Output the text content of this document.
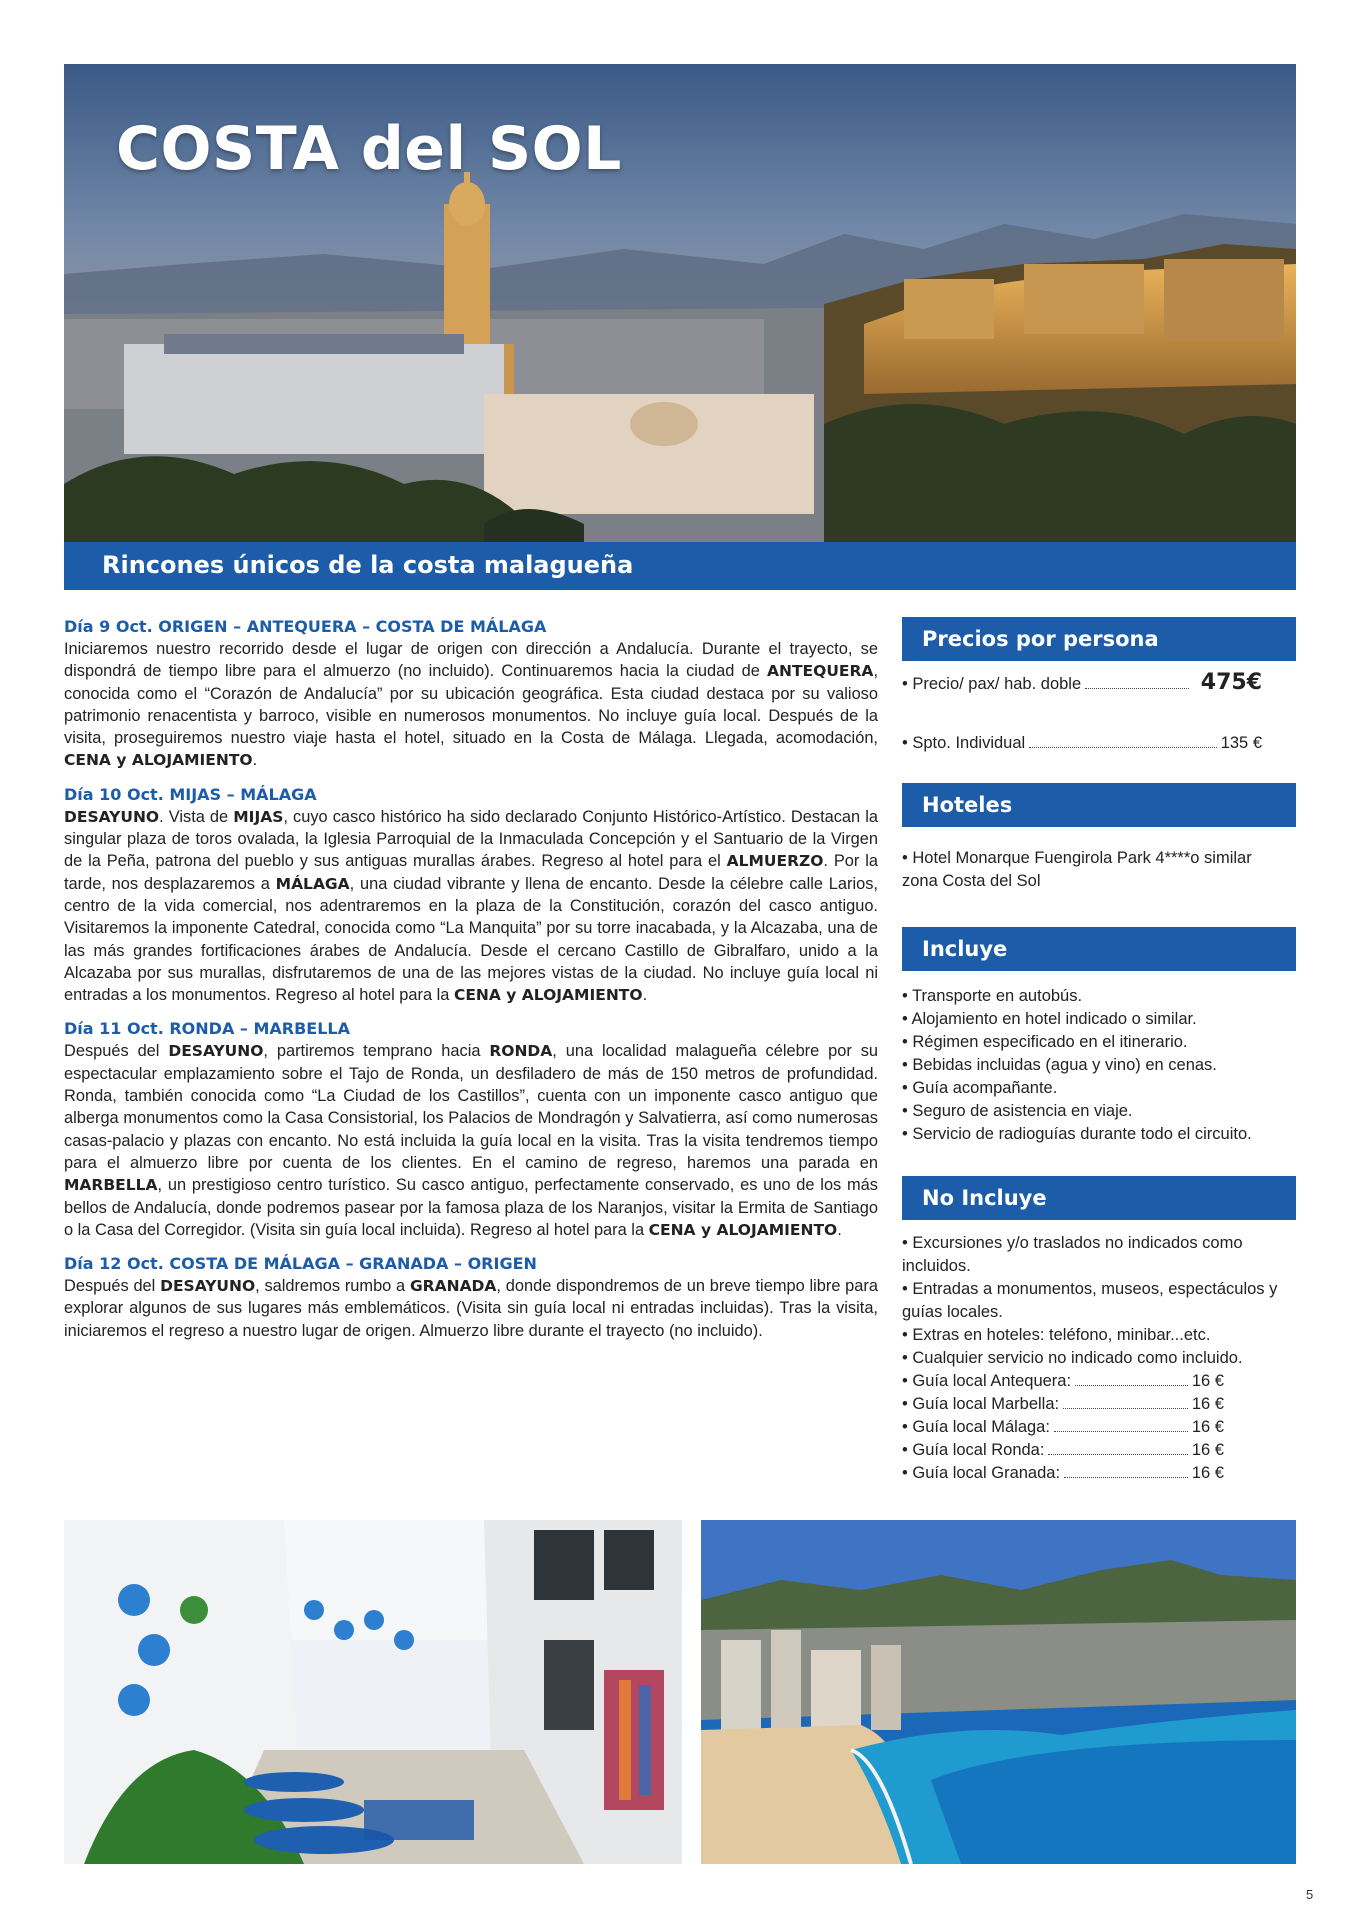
COSTA del SOL
Rincones únicos de la costa malagueña
Día 9 Oct. ORIGEN – ANTEQUERA – COSTA DE MÁLAGA

Iniciaremos nuestro recorrido desde el lugar de origen con dirección a Andalucía. Durante el trayecto, se dispondrá de tiempo libre para el almuerzo (no incluido). Continuaremos hacia la ciudad de ANTEQUERA, conocida como el “Corazón de Andalucía” por su ubicación geográfica. Esta ciudad destaca por su valioso patrimonio renacentista y barroco, visible en numerosos monumentos. No incluye guía local. Después de la visita, proseguiremos nuestro viaje hasta el hotel, situado en la Costa de Málaga. Llegada, acomodación, CENA y ALOJAMIENTO.

Día 10 Oct. MIJAS – MÁLAGA

DESAYUNO. Vista de MIJAS, cuyo casco histórico ha sido declarado Conjunto Histórico-Artístico. Destacan la singular plaza de toros ovalada, la Iglesia Parroquial de la Inmaculada Concepción y el Santuario de la Virgen de la Peña, patrona del pueblo y sus antiguas murallas árabes. Regreso al hotel para el ALMUERZO. Por la tarde, nos desplazaremos a MÁLAGA, una ciudad vibrante y llena de encanto. Desde la célebre calle Larios, centro de la vida comercial, nos adentraremos en la plaza de la Constitución, corazón del casco antiguo. Visitaremos la imponente Catedral, conocida como “La Manquita” por su torre inacabada, y la Alcazaba, una de las más grandes fortificaciones árabes de Andalucía. Desde el cercano Castillo de Gibralfaro, unido a la Alcazaba por sus murallas, disfrutaremos de una de las mejores vistas de la ciudad. No incluye guía local ni entradas a los monumentos. Regreso al hotel para la CENA y ALOJAMIENTO.

Día 11 Oct. RONDA – MARBELLA

Después del DESAYUNO, partiremos temprano hacia RONDA, una localidad malagueña célebre por su espectacular emplazamiento sobre el Tajo de Ronda, un desfiladero de más de 150 metros de profundidad. Ronda, también conocida como “La Ciudad de los Castillos”, cuenta con un imponente casco antiguo que alberga monumentos como la Casa Consistorial, los Palacios de Mondragón y Salvatierra, así como numerosas casas-palacio y plazas con encanto. No está incluida la guía local en la visita. Tras la visita tendremos tiempo para el almuerzo libre por cuenta de los clientes. En el camino de regreso, haremos una parada en MARBELLA, un prestigioso centro turístico. Su casco antiguo, perfectamente conservado, es uno de los más bellos de Andalucía, donde podremos pasear por la famosa plaza de los Naranjos, visitar la Ermita de Santiago o la Casa del Corregidor. (Visita sin guía local incluida). Regreso al hotel para la CENA y ALOJAMIENTO.

Día 12 Oct. COSTA DE MÁLAGA – GRANADA – ORIGEN

Después del DESAYUNO, saldremos rumbo a GRANADA, donde dispondremos de un breve tiempo libre para explorar algunos de sus lugares más emblemáticos. (Visita sin guía local ni entradas incluidas). Tras la visita, iniciaremos el regreso a nuestro lugar de origen. Almuerzo libre durante el trayecto (no incluido).

Precios por persona
• Precio/ pax/ hab. doble	475€
• Spto. Individual	135 €
Hoteles

• Hotel Monarque Fuengirola Park 4****o similar zona Costa del Sol

Incluye

• Transporte en autobús.

• Alojamiento en hotel indicado o similar.

• Régimen especificado en el itinerario.

• Bebidas incluidas (agua y vino) en cenas.

• Guía acompañante.

• Seguro de asistencia en viaje.

• Servicio de radioguías durante todo el circuito.

No Incluye

• Excursiones y/o traslados no indicados como incluidos.

• Entradas a monumentos, museos, espectáculos y guías locales.

• Extras en hoteles: teléfono, minibar...etc.

• Cualquier servicio no indicado como incluido.

• Guía local Antequera:	16 €
• Guía local Marbella:	16 €
• Guía local Málaga:	16 €
• Guía local Ronda:	16 €
• Guía local Granada:	16 €
5
